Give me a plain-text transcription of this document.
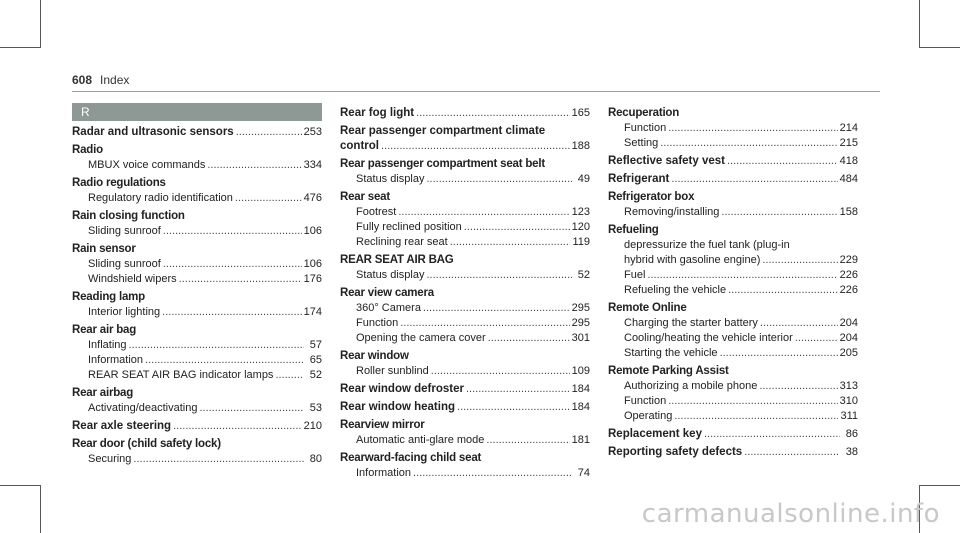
608 Index
R
Radar and ultrasonic sensors .....	253
Radio
MBUX voice commands .....	334
Radio regulations
Regulatory radio identification .....	476
Rain closing function
Sliding sunroof .....	106
Rain sensor
Sliding sunroof .....	106
Windshield wipers .....	176
Reading lamp
Interior lighting .....	174
Rear air bag
Inflating .....	57
Information .....	65
REAR SEAT AIR BAG indicator lamps .....	52
Rear airbag
Activating/deactivating .....	53
Rear axle steering .....	210
Rear door (child safety lock)
Securing .....	80
Rear fog light .....	165
Rear passenger compartment climate
control .....	188
Rear passenger compartment seat belt
Status display .....	49
Rear seat
Footrest .....	123
Fully reclined position .....	120
Reclining rear seat .....	119
REAR SEAT AIR BAG
Status display .....	52
Rear view camera
360° Camera .....	295
Function .....	295
Opening the camera cover .....	301
Rear window
Roller sunblind .....	109
Rear window defroster .....	184
Rear window heating .....	184
Rearview mirror
Automatic anti-glare mode .....	181
Rearward-facing child seat
Information .....	74
Recuperation
Function .....	214
Setting .....	215
Reflective safety vest .....	418
Refrigerant .....	484
Refrigerator box
Removing/installing .....	158
Refueling
depressurize the fuel tank (plug-in
hybrid with gasoline engine) .....	229
Fuel .....	226
Refueling the vehicle .....	226
Remote Online
Charging the starter battery .....	204
Cooling/heating the vehicle interior .....	204
Starting the vehicle .....	205
Remote Parking Assist
Authorizing a mobile phone .....	313
Function .....	310
Operating .....	311
Replacement key .....	86
Reporting safety defects .....	38
carmanualsonline.info
